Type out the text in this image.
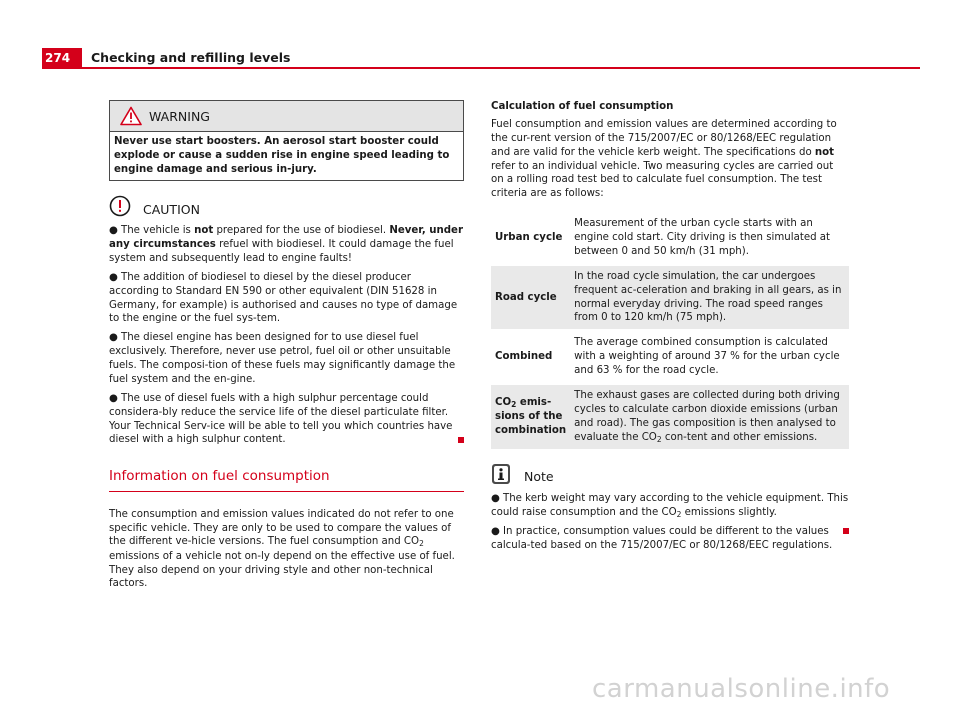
274	Checking and refilling levels
WARNING
Never use start boosters. An aerosol start booster could explode or cause a sudden rise in engine speed leading to engine damage and serious in-jury.
CAUTION

● The vehicle is not prepared for the use of biodiesel. Never, under any circumstances refuel with biodiesel. It could damage the fuel system and subsequently lead to engine faults!

● The addition of biodiesel to diesel by the diesel producer according to Standard EN 590 or other equivalent (DIN 51628 in Germany, for example) is authorised and causes no type of damage to the engine or the fuel sys-tem.

● The diesel engine has been designed for to use diesel fuel exclusively. Therefore, never use petrol, fuel oil or other unsuitable fuels. The composi-tion of these fuels may significantly damage the fuel system and the en-gine.

● The use of diesel fuels with a high sulphur percentage could considera-bly reduce the service life of the diesel particulate filter. Your Technical Serv-ice will be able to tell you which countries have diesel with a high sulphur content.

Information on fuel consumption

The consumption and emission values indicated do not refer to one specific vehicle. They are only to be used to compare the values of the different ve-hicle versions. The fuel consumption and $CO_2$ emissions of a vehicle not on-ly depend on the effective use of fuel. They also depend on your driving style and other non-technical factors.

Calculation of fuel consumption

Fuel consumption and emission values are determined according to the cur-rent version of the 715/2007/EC or 80/1268/EEC regulation and are valid for the vehicle kerb weight. The specifications do not refer to an individual vehicle. Two measuring cycles are carried out on a rolling road test bed to calculate fuel consumption. The test criteria are as follows:

Urban cycle	Measurement of the urban cycle starts with an engine cold start. City driving is then simulated at between 0 and 50 km/h (31 mph).

Road cycle	In the road cycle simulation, the car undergoes frequent ac-celeration and braking in all gears, as in normal everyday driving. The road speed ranges from 0 to 120 km/h (75 mph).

Combined	The average combined consumption is calculated with a weighting of around 37 % for the urban cycle and 63 % for the road cycle.

$CO_2$ emis-sions of the combination	The exhaust gases are collected during both driving cycles to calculate carbon dioxide emissions (urban and road). The gas composition is then analysed to evaluate the $CO_2$ con-tent and other emissions.
Note

● The kerb weight may vary according to the vehicle equipment. This could raise consumption and the $CO_2$ emissions slightly.

● In practice, consumption values could be different to the values calcula-ted based on the 715/2007/EC or 80/1268/EEC regulations.

carmanualsonline.info
